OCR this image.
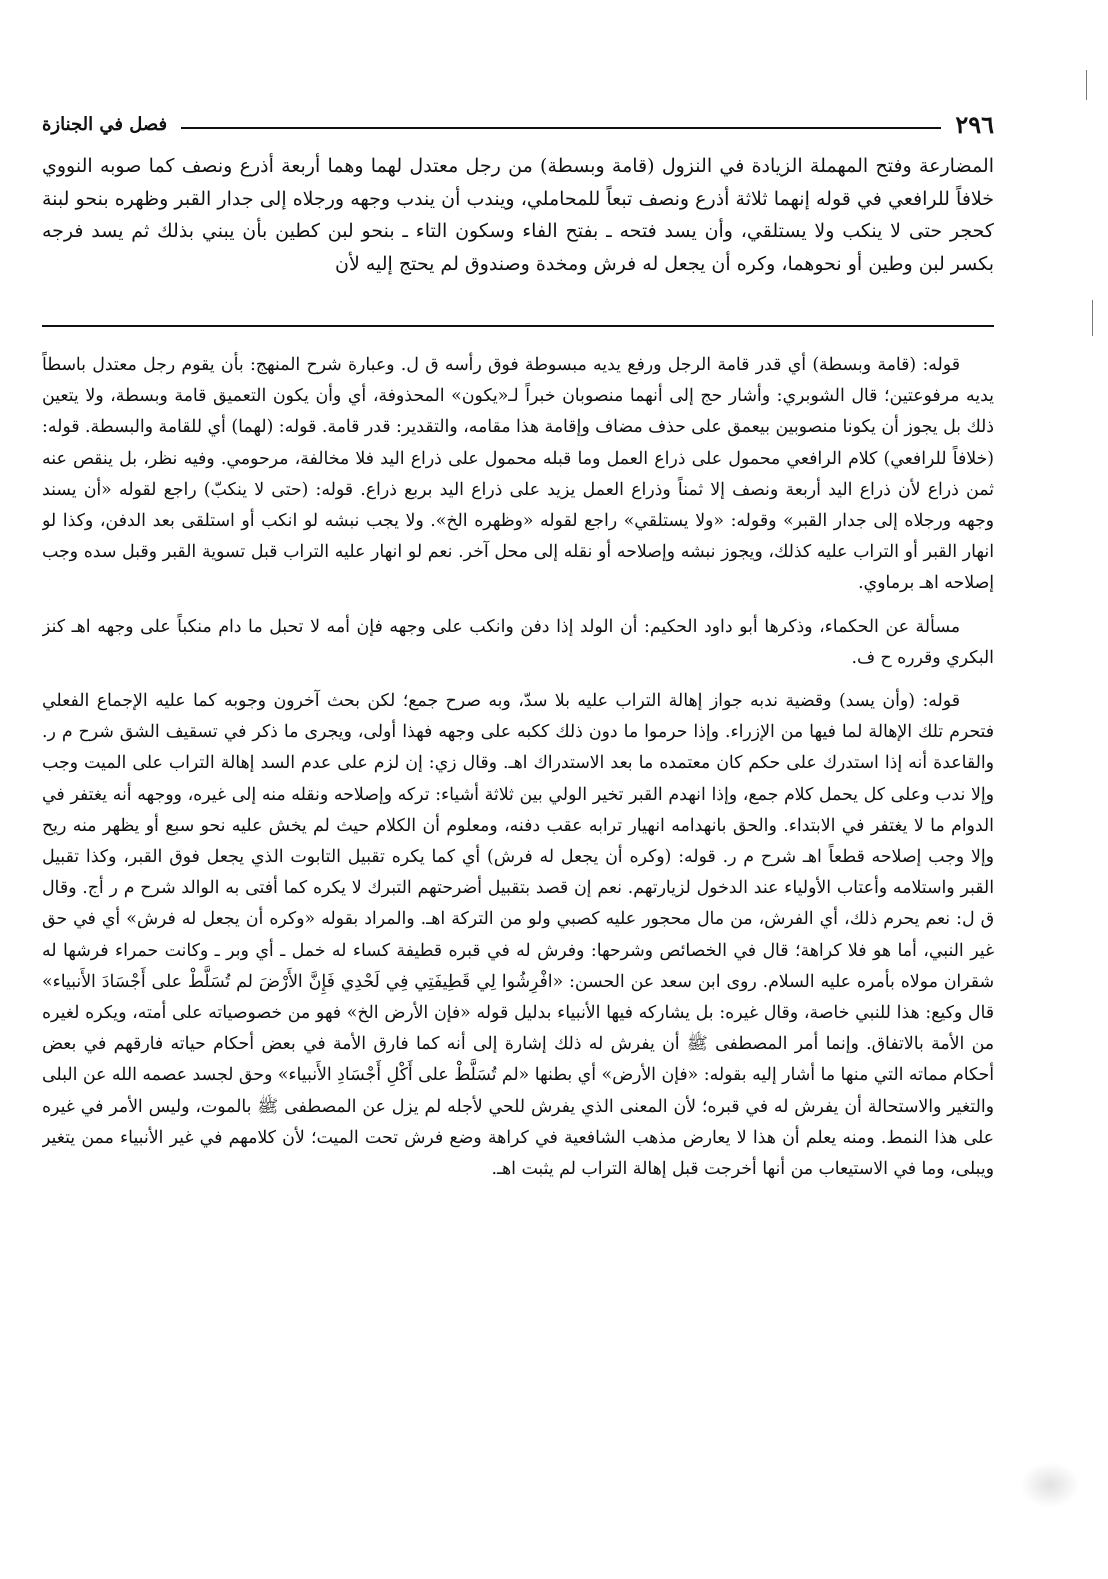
٢٩٦
فصل في الجنازة
المضارعة وفتح المهملة الزيادة في النزول (قامة وبسطة) من رجل معتدل لهما وهما أربعة أذرع ونصف كما صوبه النووي خلافاً للرافعي في قوله إنهما ثلاثة أذرع ونصف تبعاً للمحاملي، ويندب أن يندب وجهه ورجلاه إلى جدار القبر وظهره بنحو لبنة كحجر حتى لا ينكب ولا يستلقي، وأن يسد فتحه ـ بفتح الفاء وسكون التاء ـ بنحو لبن كطين بأن يبني بذلك ثم يسد فرجه بكسر لبن وطين أو نحوهما، وكره أن يجعل له فرش ومخدة وصندوق لم يحتج إليه لأن

قوله: (قامة وبسطة) أي قدر قامة الرجل ورفع يديه مبسوطة فوق رأسه ق ل. وعبارة شرح المنهج: بأن يقوم رجل معتدل باسطاً يديه مرفوعتين؛ قال الشوبري: وأشار حج إلى أنهما منصوبان خبراً لـ«يكون» المحذوفة، أي وأن يكون التعميق قامة وبسطة، ولا يتعين ذلك بل يجوز أن يكونا منصوبين بيعمق على حذف مضاف وإقامة هذا مقامه، والتقدير: قدر قامة. قوله: (لهما) أي للقامة والبسطة. قوله: (خلافاً للرافعي) كلام الرافعي محمول على ذراع العمل وما قبله محمول على ذراع اليد فلا مخالفة، مرحومي. وفيه نظر، بل ينقص عنه ثمن ذراع لأن ذراع اليد أربعة ونصف إلا ثمناً وذراع العمل يزيد على ذراع اليد بربع ذراع. قوله: (حتى لا ينكبّ) راجع لقوله «أن يسند وجهه ورجلاه إلى جدار القبر» وقوله: «ولا يستلقي» راجع لقوله «وظهره الخ». ولا يجب نبشه لو انكب أو استلقى بعد الدفن، وكذا لو انهار القبر أو التراب عليه كذلك، ويجوز نبشه وإصلاحه أو نقله إلى محل آخر. نعم لو انهار عليه التراب قبل تسوية القبر وقبل سده وجب إصلاحه اهـ برماوي.

مسألة عن الحكماء، وذكرها أبو داود الحكيم: أن الولد إذا دفن وانكب على وجهه فإن أمه لا تحبل ما دام منكباً على وجهه اهـ كنز البكري وقرره ح ف.

قوله: (وأن يسد) وقضية ندبه جواز إهالة التراب عليه بلا سدّ، وبه صرح جمع؛ لكن بحث آخرون وجوبه كما عليه الإجماع الفعلي فتحرم تلك الإهالة لما فيها من الإزراء. وإذا حرموا ما دون ذلك ككبه على وجهه فهذا أولى، ويجرى ما ذكر في تسقيف الشق شرح م ر. والقاعدة أنه إذا استدرك على حكم كان معتمده ما بعد الاستدراك اهـ. وقال زي: إن لزم على عدم السد إهالة التراب على الميت وجب وإلا ندب وعلى كل يحمل كلام جمع، وإذا انهدم القبر تخير الولي بين ثلاثة أشياء: تركه وإصلاحه ونقله منه إلى غيره، ووجهه أنه يغتفر في الدوام ما لا يغتفر في الابتداء. والحق بانهدامه انهيار ترابه عقب دفنه، ومعلوم أن الكلام حيث لم يخش عليه نحو سبع أو يظهر منه ريح وإلا وجب إصلاحه قطعاً اهـ شرح م ر. قوله: (وكره أن يجعل له فرش) أي كما يكره تقبيل التابوت الذي يجعل فوق القبر، وكذا تقبيل القبر واستلامه وأعتاب الأولياء عند الدخول لزيارتهم. نعم إن قصد بتقبيل أضرحتهم التبرك لا يكره كما أفتى به الوالد شرح م ر أج. وقال ق ل: نعم يحرم ذلك، أي الفرش، من مال محجور عليه كصبي ولو من التركة اهـ. والمراد بقوله «وكره أن يجعل له فرش» أي في حق غير النبي، أما هو فلا كراهة؛ قال في الخصائص وشرحها: وفرش له في قبره قطيفة كساء له خمل ـ أي وبر ـ وكانت حمراء فرشها له شقران مولاه بأمره عليه السلام. روى ابن سعد عن الحسن: «افْرِشُوا لِي قَطِيفَتِي فِي لَحْدِي فَإِنَّ الأَرْضَ لم تُسَلَّطْ على أَجْسَادَ الأَنبياء» قال وكيع: هذا للنبي خاصة، وقال غيره: بل يشاركه فيها الأنبياء بدليل قوله «فإن الأرض الخ» فهو من خصوصياته على أمته، ويكره لغيره من الأمة بالاتفاق. وإنما أمر المصطفى ﷺ أن يفرش له ذلك إشارة إلى أنه كما فارق الأمة في بعض أحكام حياته فارقهم في بعض أحكام مماته التي منها ما أشار إليه بقوله: «فإن الأرض» أي بطنها «لم تُسَلَّطْ على أَكْلِ أَجْسَادِ الأَنبياء» وحق لجسد عصمه الله عن البلى والتغير والاستحالة أن يفرش له في قبره؛ لأن المعنى الذي يفرش للحي لأجله لم يزل عن المصطفى ﷺ بالموت، وليس الأمر في غيره على هذا النمط. ومنه يعلم أن هذا لا يعارض مذهب الشافعية في كراهة وضع فرش تحت الميت؛ لأن كلامهم في غير الأنبياء ممن يتغير ويبلى، وما في الاستيعاب من أنها أخرجت قبل إهالة التراب لم يثبت اهـ.
